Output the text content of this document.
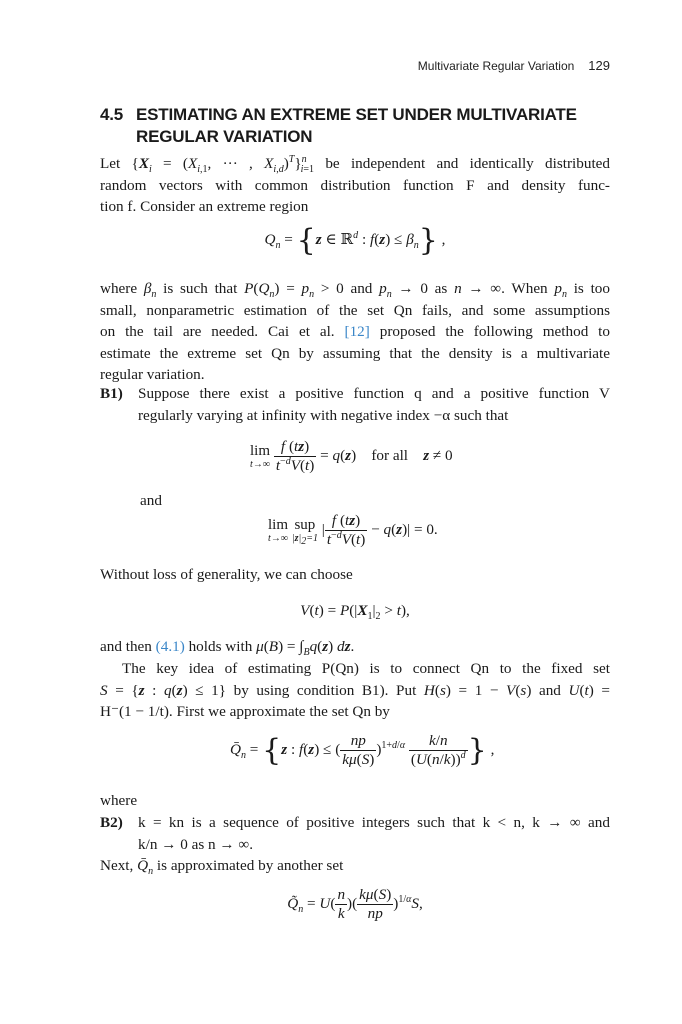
Multivariate Regular Variation 129
4.5 ESTIMATING AN EXTREME SET UNDER MULTIVARIATE REGULAR VARIATION
Let {$X_i = (X_{i,1}$, ··· , $X_{i,d})^T\}^n_{i=1}$ be independent and identically distributed
random vectors with common distribution function F and density func-
tion f. Consider an extreme region
$Q_n = \{z$ ∈ ℝ$^d$ : $f(z) \le \beta_n$} ,
where $\beta_n$ is such that $P(Q_n) = p_n > 0$ and $p_n \to 0$ as n → ∞. When $p_n$ is too
small, nonparametric estimation of the set Qn fails, and some assumptions
on the tail are needed. Cai et al. [12] proposed the following method to
estimate the extreme set Qn by assuming that the density is a multivariate
regular variation.
B1) Suppose there exist a positive function q and a positive function V
regularly varying at infinity with negative index −α such that
lim
t→∞
$\frac{f (tz)}{t^{-d}V(t)} = q(z)$    for all z ≠ 0
and
lim
t→∞

sup
$|z|_2=1$
| $\frac{f (tz)}{t^{-d}V(t)} - q(z)| = 0$.
Without loss of generality, we can choose
$V(t) = P(|X_1|_2 > t)$,
and then (4.1) holds with $\mu(B) = \int_Bq(z)$ dz.
The key idea of estimating P(Qn) is to connect Qn to the fixed set
S = {z : q(z) ≤ 1} by using condition B1). Put H(s) = 1 − V(s) and U(t) =
H⁻(1 − 1/t). First we approximate the set Qn by
$Q̄_n = \{z$ : f(z) ≤ ( $\frac{np}{k\mu(S)} )^{1+d/\alpha} \frac{k/n}{(U(n/k))^d}$ } ,
where
B2) k = kn is a sequence of positive integers such that k < n, k → ∞ and
k/n → 0 as n → ∞.
Next, $Q̄_n$ is approximated by another set
$Q̃_n = U( \frac{n}{k}$ )( $\frac{k\mu(S)}{np} )^{1/\alpha}S$,
